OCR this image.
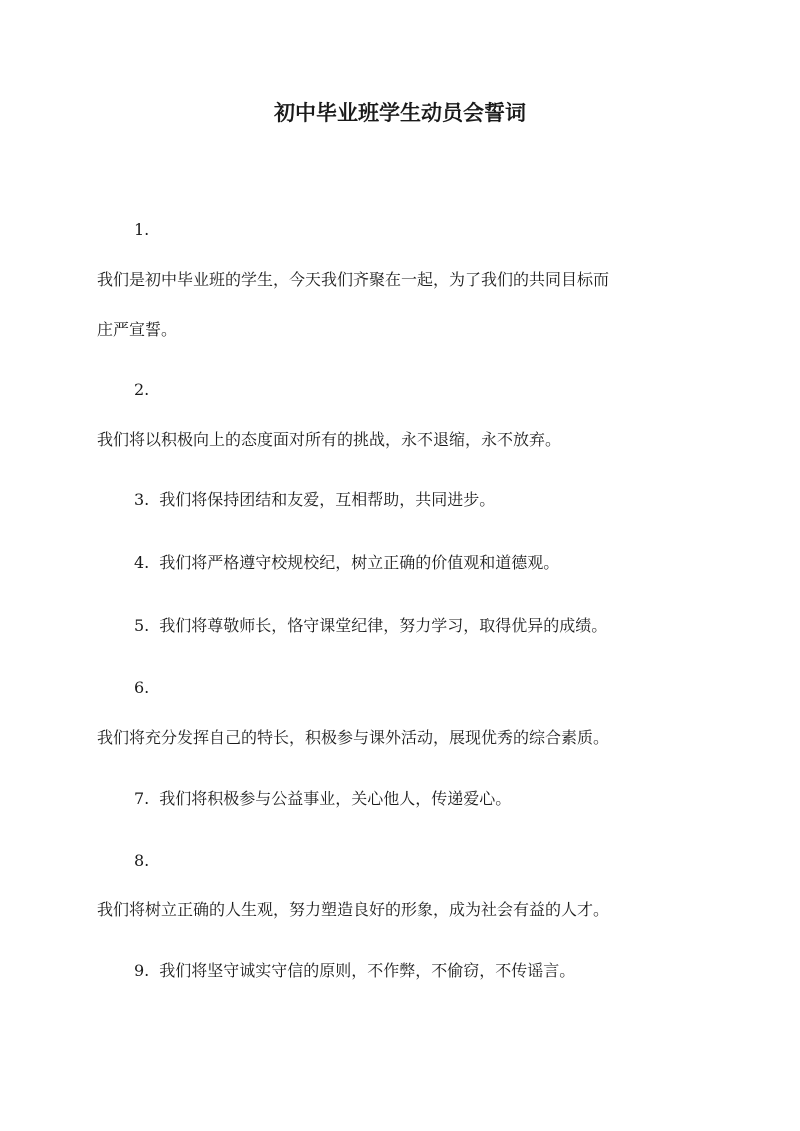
初中毕业班学生动员会誓词
1.
我们是初中毕业班的学生，今天我们齐聚在一起，为了我们的共同目标而
庄严宣誓。
2.
我们将以积极向上的态度面对所有的挑战，永不退缩，永不放弃。
3. 我们将保持团结和友爱，互相帮助，共同进步。
4. 我们将严格遵守校规校纪，树立正确的价值观和道德观。
5. 我们将尊敬师长，恪守课堂纪律，努力学习，取得优异的成绩。
6.
我们将充分发挥自己的特长，积极参与课外活动，展现优秀的综合素质。
7. 我们将积极参与公益事业，关心他人，传递爱心。
8.
我们将树立正确的人生观，努力塑造良好的形象，成为社会有益的人才。
9. 我们将坚守诚实守信的原则，不作弊，不偷窃，不传谣言。
